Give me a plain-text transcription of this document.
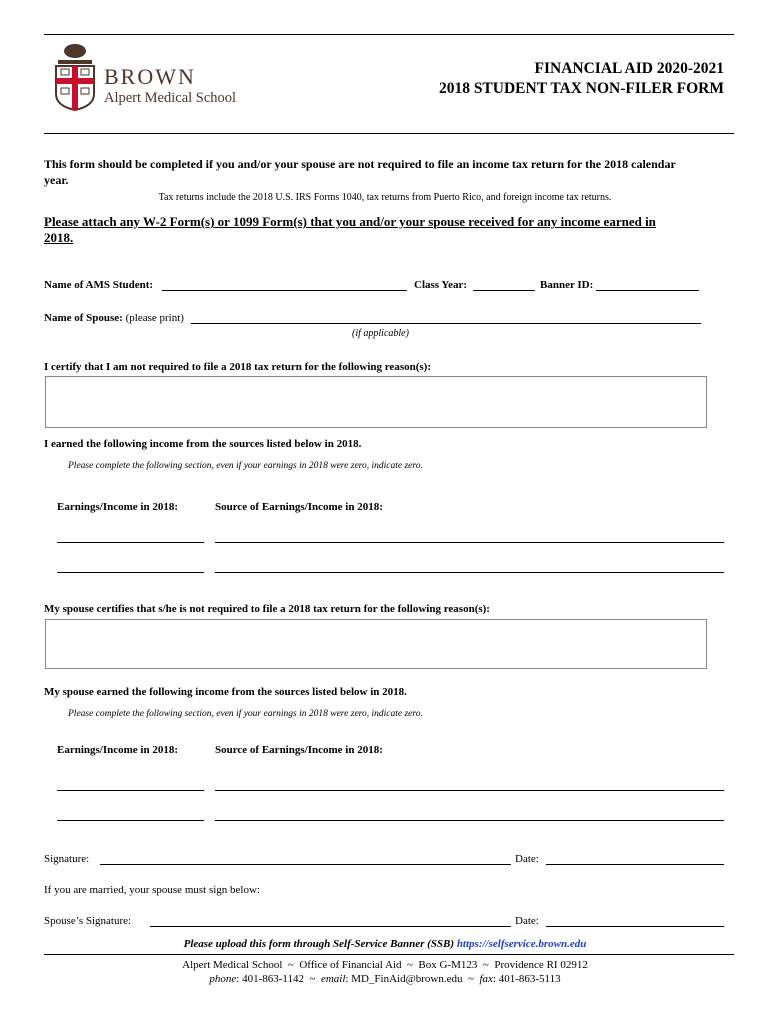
BROWN
Alpert Medical School
FINANCIAL AID 2020-2021
2018 STUDENT TAX NON-FILER FORM
This form should be completed if you and/or your spouse are not required to file an income tax return for the 2018 calendar
year.
Tax returns include the 2018 U.S. IRS Forms 1040, tax returns from Puerto Rico, and foreign income tax returns.
Please attach any W-2 Form(s) or 1099 Form(s) that you and/or your spouse received for any income earned in
2018.
Name of AMS Student:	Class Year:	Banner ID:
Name of Spouse: (please print)
(if applicable)
I certify that I am not required to file a 2018 tax return for the following reason(s):
I earned the following income from the sources listed below in 2018.
Please complete the following section, even if your earnings in 2018 were zero, indicate zero.
Earnings/Income in 2018:	Source of Earnings/Income in 2018:
My spouse certifies that s/he is not required to file a 2018 tax return for the following reason(s):
My spouse earned the following income from the sources listed below in 2018.
Please complete the following section, even if your earnings in 2018 were zero, indicate zero.
Earnings/Income in 2018:	Source of Earnings/Income in 2018:
Signature:	Date:
If you are married, your spouse must sign below:
Spouse’s Signature:	Date:
Please upload this form through Self-Service Banner (SSB) https://selfservice.brown.edu
Alpert Medical School  ~  Office of Financial Aid  ~  Box G-M123  ~  Providence RI 02912
phone: 401-863-1142  ~  email: MD_FinAid@brown.edu  ~  fax: 401-863-5113
